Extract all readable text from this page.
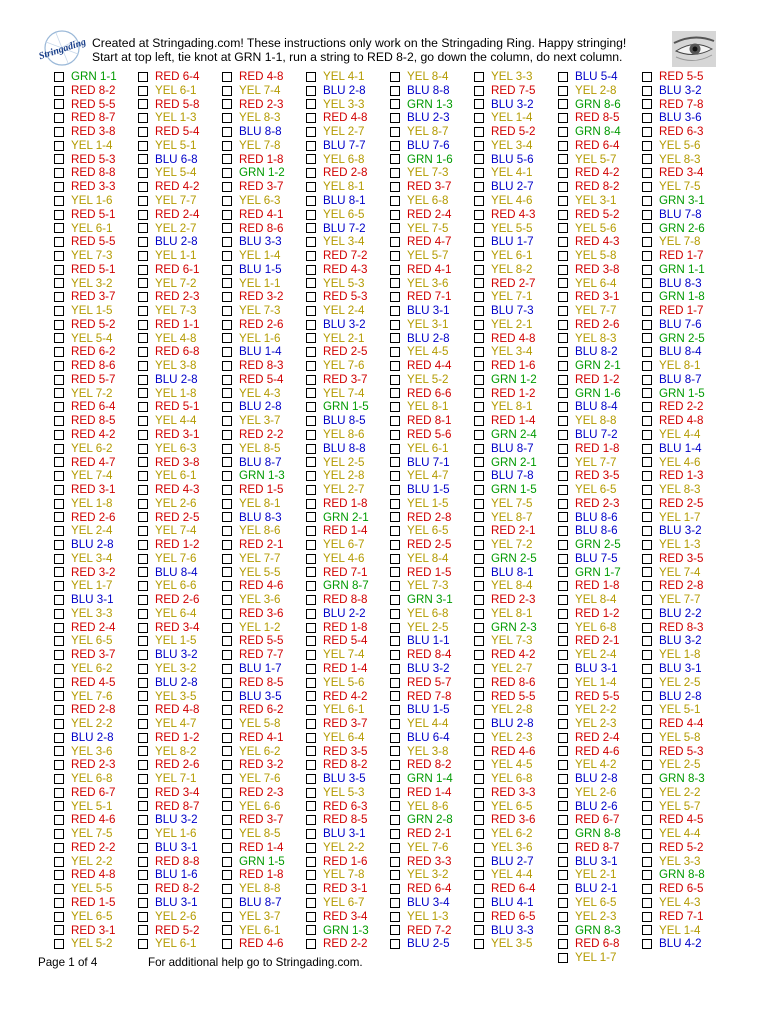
Stringading Created at Stringading.com! These instructions only work on the Stringading Ring. Happy stringing!
Start at top left, tie knot at GRN 1-1, run a string to RED 8-2, go down the column, do next column.
GRN 1-1	RED 6-4	RED 4-8	YEL 4-1	YEL 8-4	YEL 3-3	BLU 5-4	RED 5-5
RED 8-2	YEL 6-1	YEL 7-4	BLU 2-8	BLU 8-8	RED 7-5	YEL 2-8	BLU 3-2
RED 5-5	RED 5-8	RED 2-3	YEL 3-3	GRN 1-3	BLU 3-2	GRN 8-6	RED 7-8
RED 8-7	YEL 1-3	YEL 8-3	RED 4-8	BLU 2-3	YEL 1-4	RED 8-5	BLU 3-6
RED 3-8	RED 5-4	BLU 8-8	YEL 2-7	YEL 8-7	RED 5-2	GRN 8-4	RED 6-3
YEL 1-4	YEL 5-1	YEL 7-8	BLU 7-7	BLU 7-6	YEL 3-4	RED 6-4	YEL 5-6
RED 5-3	BLU 6-8	RED 1-8	YEL 6-8	GRN 1-6	BLU 5-6	YEL 5-7	YEL 8-3
RED 8-8	YEL 5-4	GRN 1-2	RED 2-8	YEL 7-3	YEL 4-1	RED 4-2	RED 3-4
RED 3-3	RED 4-2	RED 3-7	YEL 8-1	RED 3-7	BLU 2-7	RED 8-2	YEL 7-5
YEL 1-6	YEL 7-7	YEL 6-3	BLU 8-1	YEL 6-8	YEL 4-6	YEL 3-1	GRN 3-1
RED 5-1	RED 2-4	RED 4-1	YEL 6-5	RED 2-4	RED 4-3	RED 5-2	BLU 7-8
YEL 6-1	YEL 2-7	RED 8-6	BLU 7-2	YEL 7-5	YEL 5-5	YEL 5-6	GRN 2-6
RED 5-5	BLU 2-8	BLU 3-3	YEL 3-4	RED 4-7	BLU 1-7	RED 4-3	YEL 7-8
YEL 7-3	YEL 1-1	YEL 1-4	RED 7-2	YEL 5-7	YEL 6-1	YEL 5-8	RED 1-7
RED 5-1	RED 6-1	BLU 1-5	RED 4-3	RED 4-1	YEL 8-2	RED 3-8	GRN 1-1
YEL 3-2	YEL 7-2	YEL 1-1	YEL 5-3	YEL 3-6	RED 2-7	YEL 6-4	BLU 8-3
RED 3-7	RED 2-3	RED 3-2	RED 5-3	RED 7-1	YEL 7-1	RED 3-1	GRN 1-8
YEL 1-5	YEL 7-3	YEL 7-3	YEL 2-4	BLU 3-1	BLU 7-3	YEL 7-7	RED 1-7
RED 5-2	RED 1-1	RED 2-6	BLU 3-2	YEL 3-1	YEL 2-1	RED 2-6	BLU 7-6
YEL 5-4	YEL 4-8	YEL 1-6	YEL 2-1	BLU 2-8	RED 4-8	YEL 8-3	GRN 2-5
RED 6-2	RED 6-8	BLU 1-4	RED 2-5	YEL 4-5	YEL 3-4	BLU 8-2	BLU 8-4
RED 8-6	YEL 3-8	RED 8-3	YEL 7-6	RED 4-4	RED 1-6	GRN 2-1	YEL 8-1
RED 5-7	BLU 2-8	RED 5-4	RED 3-7	YEL 5-2	GRN 1-2	RED 1-2	BLU 8-7
YEL 7-2	YEL 1-8	YEL 4-3	YEL 7-4	RED 6-6	RED 1-2	GRN 1-6	GRN 1-5
RED 6-4	RED 5-1	BLU 2-8	GRN 1-5	YEL 8-1	YEL 8-1	BLU 8-4	RED 2-2
RED 8-5	YEL 4-4	YEL 3-7	BLU 8-5	RED 8-1	RED 1-4	YEL 8-8	RED 4-8
RED 4-2	RED 3-1	RED 2-2	YEL 8-6	RED 5-6	GRN 2-4	BLU 7-2	YEL 4-4
YEL 6-2	YEL 6-3	YEL 8-5	BLU 8-8	YEL 6-1	BLU 8-7	RED 1-8	BLU 1-4
RED 4-7	RED 3-8	BLU 8-7	YEL 2-5	BLU 7-1	GRN 2-1	YEL 7-7	YEL 4-6
YEL 7-4	YEL 6-1	GRN 1-3	YEL 2-8	YEL 4-7	BLU 7-8	RED 3-5	RED 1-3
RED 3-1	RED 4-3	RED 1-5	YEL 2-7	BLU 1-5	GRN 1-5	YEL 6-5	YEL 8-3
YEL 1-8	YEL 2-6	YEL 8-1	RED 1-8	YEL 1-5	YEL 7-5	RED 2-3	RED 2-5
RED 2-6	RED 2-5	BLU 8-3	GRN 2-1	RED 2-8	YEL 8-7	BLU 8-6	YEL 1-7
YEL 2-4	YEL 7-4	YEL 8-6	RED 1-4	YEL 6-5	RED 2-1	BLU 8-6	BLU 3-2
BLU 2-8	RED 1-2	RED 2-1	YEL 6-7	RED 2-5	YEL 7-2	GRN 2-5	YEL 1-3
YEL 3-4	YEL 7-6	YEL 7-7	YEL 4-6	YEL 8-4	GRN 2-5	BLU 7-5	RED 3-5
RED 3-2	BLU 8-4	YEL 5-5	RED 7-1	RED 1-5	BLU 8-1	GRN 1-7	YEL 7-4
YEL 1-7	YEL 6-6	RED 4-6	GRN 8-7	YEL 7-3	YEL 8-4	RED 1-8	RED 2-8
BLU 3-1	RED 2-6	YEL 3-6	RED 8-8	GRN 3-1	RED 2-3	YEL 8-4	YEL 7-7
YEL 3-3	YEL 6-4	RED 3-6	BLU 2-2	YEL 6-8	YEL 8-1	RED 1-2	BLU 2-2
RED 2-4	RED 3-4	YEL 1-2	RED 1-8	YEL 2-5	GRN 2-3	YEL 6-8	RED 8-3
YEL 6-5	YEL 1-5	RED 5-5	RED 5-4	BLU 1-1	YEL 7-3	RED 2-1	BLU 3-2
RED 3-7	BLU 3-2	RED 7-7	YEL 7-4	RED 8-4	RED 4-2	YEL 2-4	YEL 1-8
YEL 6-2	YEL 3-2	BLU 1-7	RED 1-4	BLU 3-2	YEL 2-7	BLU 3-1	BLU 3-1
RED 4-5	BLU 2-8	RED 8-5	YEL 5-6	RED 5-7	RED 8-6	YEL 1-4	YEL 2-5
YEL 7-6	YEL 3-5	BLU 3-5	RED 4-2	RED 7-8	RED 5-5	RED 5-5	BLU 2-8
RED 2-8	RED 4-8	RED 6-2	YEL 6-1	BLU 1-5	YEL 2-8	YEL 2-2	YEL 5-1
YEL 2-2	YEL 4-7	YEL 5-8	RED 3-7	YEL 4-4	BLU 2-8	YEL 2-3	RED 4-4
BLU 2-8	RED 1-2	RED 4-1	YEL 6-4	BLU 6-4	YEL 2-3	RED 2-4	YEL 5-8
YEL 3-6	YEL 8-2	YEL 6-2	RED 3-5	YEL 3-8	RED 4-6	RED 4-6	RED 5-3
RED 2-3	RED 2-6	RED 3-2	RED 8-2	RED 8-2	YEL 4-5	YEL 4-2	YEL 2-5
YEL 6-8	YEL 7-1	YEL 7-6	BLU 3-5	GRN 1-4	YEL 6-8	BLU 2-8	GRN 8-3
RED 6-7	RED 3-4	RED 2-3	YEL 5-3	RED 1-4	RED 3-3	YEL 2-6	YEL 2-2
YEL 5-1	RED 8-7	YEL 6-6	RED 6-3	YEL 8-6	YEL 6-5	BLU 2-6	YEL 5-7
RED 4-6	BLU 3-2	RED 3-7	RED 8-5	GRN 2-8	RED 3-6	RED 6-7	RED 4-5
YEL 7-5	YEL 1-6	YEL 8-5	BLU 3-1	RED 2-1	YEL 6-2	GRN 8-8	YEL 4-4
RED 2-2	BLU 3-1	RED 1-4	YEL 2-2	YEL 7-6	YEL 3-6	RED 8-7	RED 5-2
YEL 2-2	RED 8-8	GRN 1-5	RED 1-6	RED 3-3	BLU 2-7	BLU 3-1	YEL 3-3
RED 4-8	BLU 1-6	RED 1-8	YEL 7-8	YEL 3-2	YEL 4-4	YEL 2-1	GRN 8-8
YEL 5-5	RED 8-2	YEL 8-8	RED 3-1	RED 6-4	RED 6-4	BLU 2-1	RED 6-5
RED 1-5	BLU 3-1	BLU 8-7	YEL 6-7	BLU 3-4	BLU 4-1	YEL 6-5	YEL 4-3
YEL 6-5	YEL 2-6	YEL 3-7	RED 3-4	YEL 1-3	RED 6-5	YEL 2-3	RED 7-1
RED 3-1	RED 5-2	YEL 6-1	GRN 1-3	RED 7-2	BLU 3-3	GRN 8-3	YEL 1-4
YEL 5-2	YEL 6-1	RED 4-6	RED 2-2	BLU 2-5	YEL 3-5	RED 6-8	BLU 4-2
YEL 1-7
Page 1 of 4	For additional help go to Stringading.com.
